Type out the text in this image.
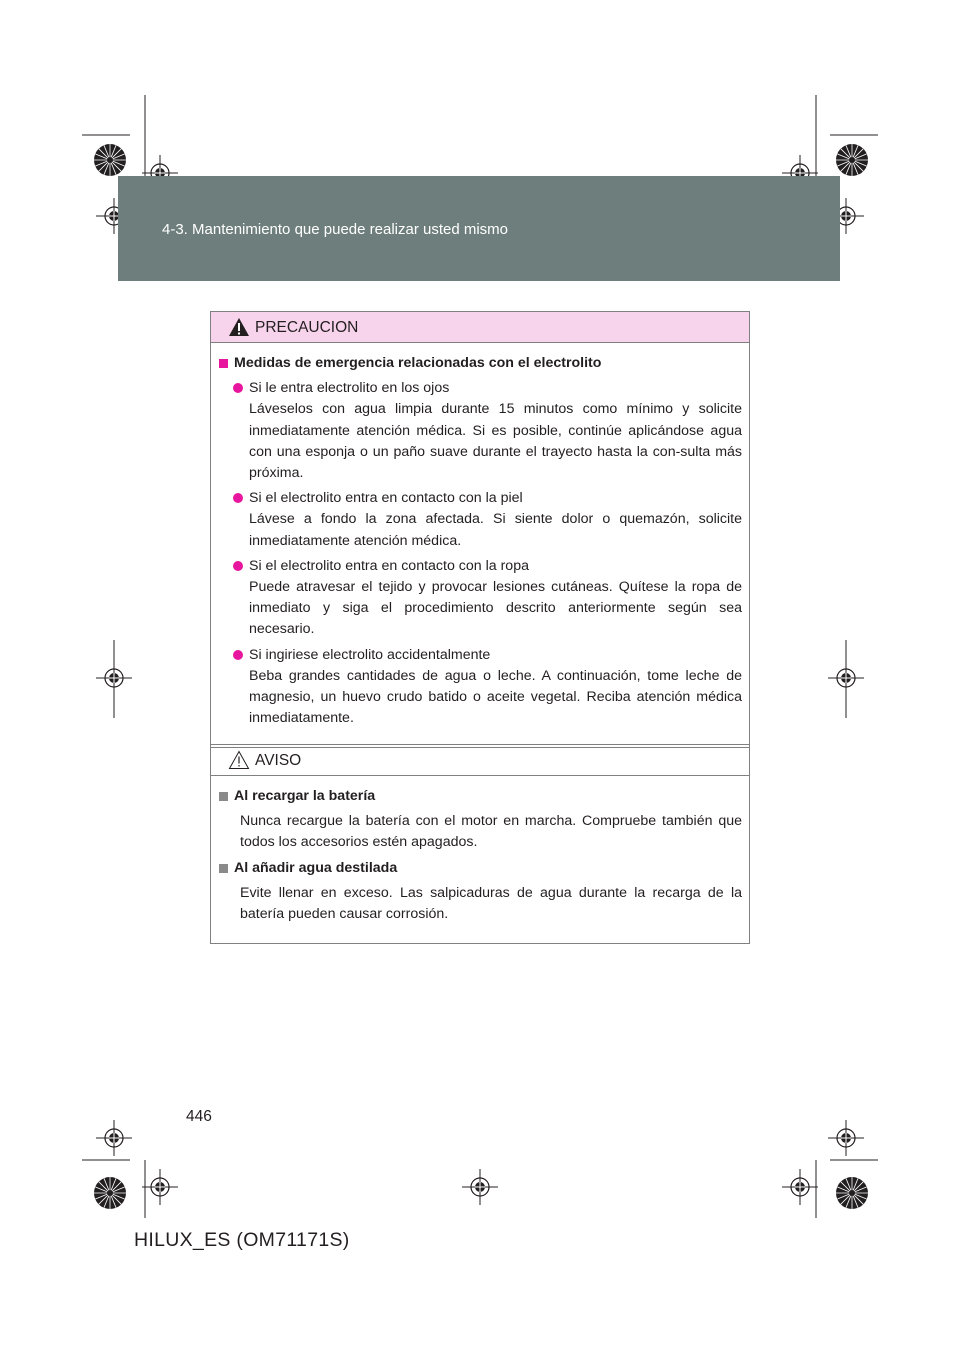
HILUX_ES.book Page 446 Wednesday, March 23, 2011 4:15 PM
4-3. Mantenimiento que puede realizar usted mismo
PRECAUCION
Medidas de emergencia relacionadas con el electrolito
Si le entra electrolito en los ojos
Láveselos con agua limpia durante 15 minutos como mínimo y solicite inmediatamente atención médica. Si es posible, continúe aplicándose agua con una esponja o un paño suave durante el trayecto hasta la con-sulta más próxima.
Si el electrolito entra en contacto con la piel
Lávese a fondo la zona afectada. Si siente dolor o quemazón, solicite inmediatamente atención médica.
Si el electrolito entra en contacto con la ropa
Puede atravesar el tejido y provocar lesiones cutáneas. Quítese la ropa de inmediato y siga el procedimiento descrito anteriormente según sea necesario.
Si ingiriese electrolito accidentalmente
Beba grandes cantidades de agua o leche. A continuación, tome leche de magnesio, un huevo crudo batido o aceite vegetal. Reciba atención médica inmediatamente.
AVISO
Al recargar la batería
Nunca recargue la batería con el motor en marcha. Compruebe también que todos los accesorios estén apagados.
Al añadir agua destilada
Evite llenar en exceso. Las salpicaduras de agua durante la recarga de la batería pueden causar corrosión.
446
HILUX_ES (OM71171S)
